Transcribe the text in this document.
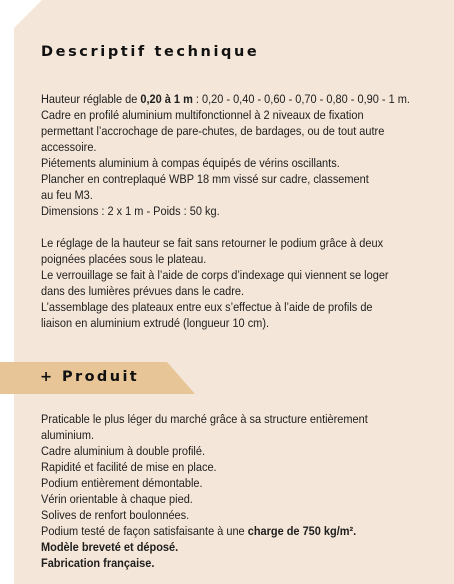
Descriptif technique
Hauteur réglable de 0,20 à 1 m : 0,20 - 0,40 - 0,60 - 0,70 - 0,80 - 0,90 - 1 m.
Cadre en profilé aluminium multifonctionnel à 2 niveaux de fixation
permettant l’accrochage de pare-chutes, de bardages, ou de tout autre
accessoire.
Piétements aluminium à compas équipés de vérins oscillants.
Plancher en contreplaqué WBP 18 mm vissé sur cadre, classement
au feu M3.
Dimensions : 2 x 1 m - Poids : 50 kg.
Le réglage de la hauteur se fait sans retourner le podium grâce à deux
poignées placées sous le plateau.
Le verrouillage se fait à l’aide de corps d’indexage qui viennent se loger
dans des lumières prévues dans le cadre.
L’assemblage des plateaux entre eux s’effectue à l’aide de profils de
liaison en aluminium extrudé (longueur 10 cm).
+ Produit
Praticable le plus léger du marché grâce à sa structure entièrement
aluminium.
Cadre aluminium à double profilé.
Rapidité et facilité de mise en place.
Podium entièrement démontable.
Vérin orientable à chaque pied.
Solives de renfort boulonnées.
Podium testé de façon satisfaisante à une charge de 750 kg/m².
Modèle breveté et déposé.
Fabrication française.
